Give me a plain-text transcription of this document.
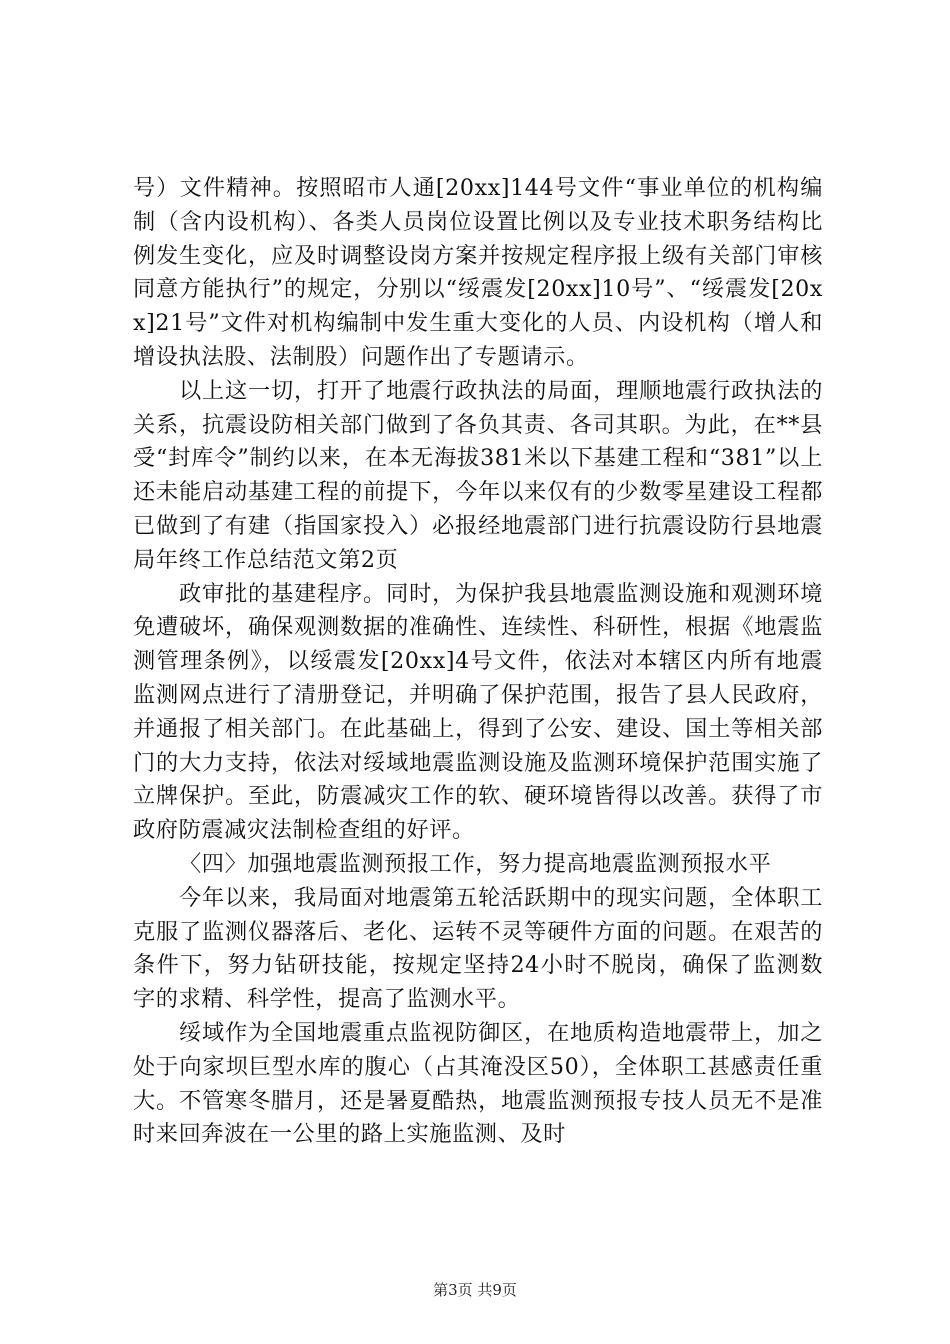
号）文件精神。按照昭市人通[20xx]144号文件“事业单位的机构编制（含内设机构）、各类人员岗位设置比例以及专业技术职务结构比例发生变化，应及时调整设岗方案并按规定程序报上级有关部门审核同意方能执行”的规定，分别以“绥震发[20xx]10号”、“绥震发[20xx]21号”文件对机构编制中发生重大变化的人员、内设机构（增人和增设执法股、法制股）问题作出了专题请示。

以上这一切，打开了地震行政执法的局面，理顺地震行政执法的关系，抗震设防相关部门做到了各负其责、各司其职。为此，在**县受“封库令”制约以来，在本无海拔381米以下基建工程和“381”以上还未能启动基建工程的前提下，今年以来仅有的少数零星建设工程都已做到了有建（指国家投入）必报经地震部门进行抗震设防行县地震局年终工作总结范文第2页

政审批的基建程序。同时，为保护我县地震监测设施和观测环境免遭破坏，确保观测数据的准确性、连续性、科研性，根据《地震监测管理条例》，以绥震发[20xx]4号文件，依法对本辖区内所有地震监测网点进行了清册登记，并明确了保护范围，报告了县人民政府，并通报了相关部门。在此基础上，得到了公安、建设、国土等相关部门的大力支持，依法对绥域地震监测设施及监测环境保护范围实施了立牌保护。至此，防震减灾工作的软、硬环境皆得以改善。获得了市政府防震减灾法制检查组的好评。

〈四〉加强地震监测预报工作，努力提高地震监测预报水平

今年以来，我局面对地震第五轮活跃期中的现实问题，全体职工克服了监测仪器落后、老化、运转不灵等硬件方面的问题。在艰苦的条件下，努力钻研技能，按规定坚持24小时不脱岗，确保了监测数字的求精、科学性，提高了监测水平。

绥域作为全国地震重点监视防御区，在地质构造地震带上，加之处于向家坝巨型水库的腹心（占其淹没区50），全体职工甚感责任重大。不管寒冬腊月，还是暑夏酷热，地震监测预报专技人员无不是准时来回奔波在一公里的路上实施监测、及时

第3页 共9页
